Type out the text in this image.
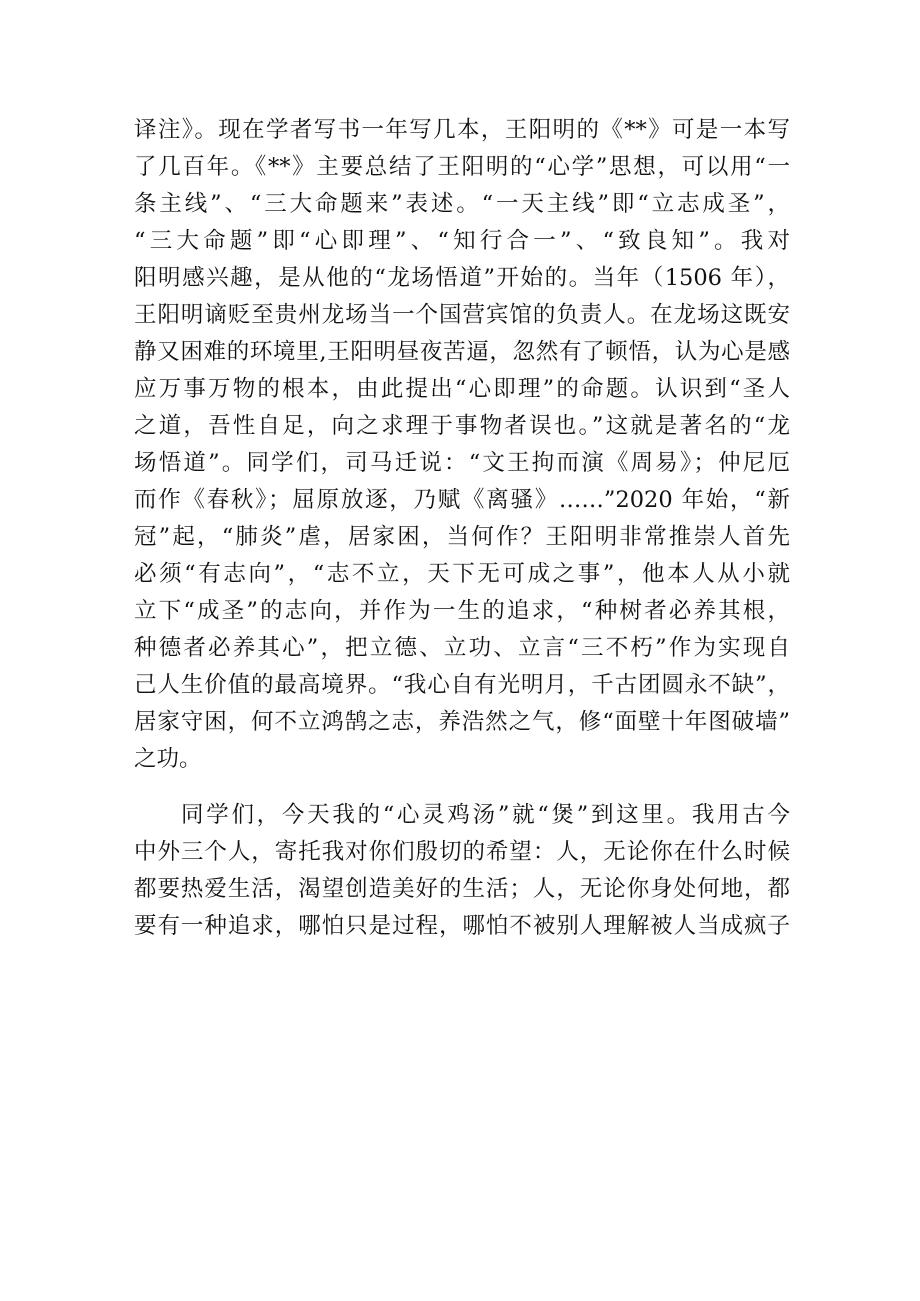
译注》。现在学者写书一年写几本，王阳明的《**》可是一本写
了几百年。《**》主要总结了王阳明的“心学”思想，可以用“一
条主线”、“三大命题来”表述。“一天主线”即“立志成圣”，
“三大命题”即“心即理”、“知行合一”、“致良知”。我对
阳明感兴趣，是从他的“龙场悟道”开始的。当年（1506 年），
王阳明谪贬至贵州龙场当一个国营宾馆的负责人。在龙场这既安
静又困难的环境里,王阳明昼夜苦逼，忽然有了顿悟，认为心是感
应万事万物的根本，由此提出“心即理”的命题。认识到“圣人
之道，吾性自足，向之求理于事物者误也。”这就是著名的“龙
场悟道”。同学们，司马迁说：“文王拘而演《周易》；仲尼厄
而作《春秋》；屈原放逐，乃赋《离骚》……”2020 年始，“新
冠”起，“肺炎”虐，居家困，当何作？王阳明非常推崇人首先
必须“有志向”，“志不立，天下无可成之事”，他本人从小就
立下“成圣”的志向，并作为一生的追求，“种树者必养其根，
种德者必养其心”，把立德、立功、立言“三不朽”作为实现自
己人生价值的最高境界。“我心自有光明月，千古团圆永不缺”，
居家守困，何不立鸿鹄之志，养浩然之气，修“面壁十年图破墙”
之功。
同学们，今天我的“心灵鸡汤”就“煲”到这里。我用古今
中外三个人，寄托我对你们殷切的希望：人，无论你在什么时候
都要热爱生活，渴望创造美好的生活；人，无论你身处何地，都
要有一种追求，哪怕只是过程，哪怕不被别人理解被人当成疯子
